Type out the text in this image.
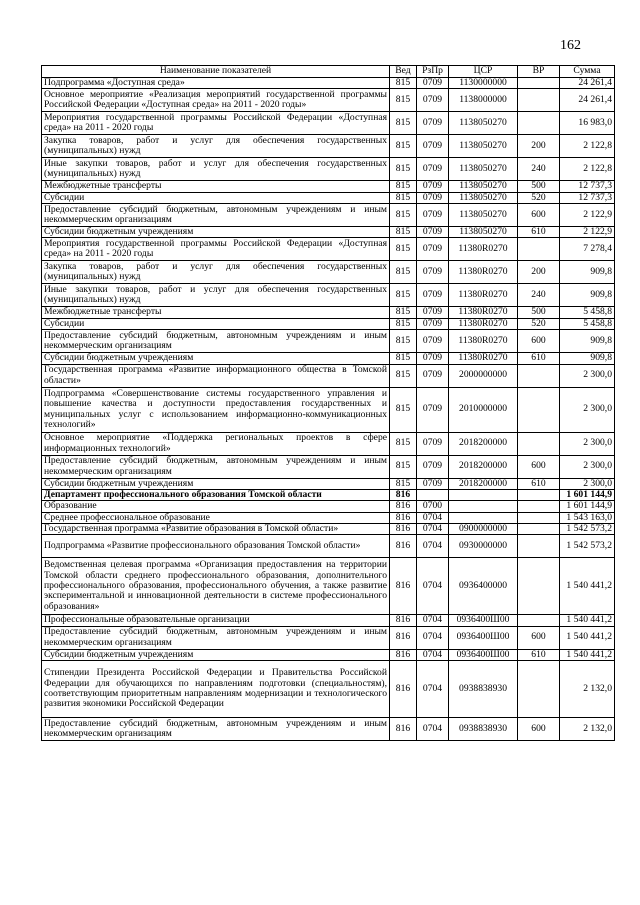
162
Наименование показателей	Вед	РзПр	ЦСР	ВР	Сумма
Подпрограмма «Доступная среда»	815	0709	1130000000		24 261,4
Основное мероприятие «Реализация мероприятий государственной программы Российской Федерации «Доступная среда» на 2011 - 2020 годы»	815	0709	1138000000		24 261,4
Мероприятия государственной программы Российской Федерации «Доступная среда» на 2011 - 2020 годы	815	0709	1138050270		16 983,0
Закупка товаров, работ и услуг для обеспечения государственных (муниципальных) нужд	815	0709	1138050270	200	2 122,8
Иные закупки товаров, работ и услуг для обеспечения государственных (муниципальных) нужд	815	0709	1138050270	240	2 122,8
Межбюджетные трансферты	815	0709	1138050270	500	12 737,3
Субсидии	815	0709	1138050270	520	12 737,3
Предоставление субсидий бюджетным, автономным учреждениям и иным некоммерческим организациям	815	0709	1138050270	600	2 122,9
Субсидии бюджетным учреждениям	815	0709	1138050270	610	2 122,9
Мероприятия государственной программы Российской Федерации «Доступная среда» на 2011 - 2020 годы	815	0709	11380R0270		7 278,4
Закупка товаров, работ и услуг для обеспечения государственных (муниципальных) нужд	815	0709	11380R0270	200	909,8
Иные закупки товаров, работ и услуг для обеспечения государственных (муниципальных) нужд	815	0709	11380R0270	240	909,8
Межбюджетные трансферты	815	0709	11380R0270	500	5 458,8
Субсидии	815	0709	11380R0270	520	5 458,8
Предоставление субсидий бюджетным, автономным учреждениям и иным некоммерческим организациям	815	0709	11380R0270	600	909,8
Субсидии бюджетным учреждениям	815	0709	11380R0270	610	909,8
Государственная программа «Развитие информационного общества в Томской области»	815	0709	2000000000		2 300,0
Подпрограмма «Совершенствование системы государственного управления и повышение качества и доступности предоставления государственных и муниципальных услуг с использованием информационно-коммуникационных технологий»	815	0709	2010000000		2 300,0
Основное мероприятие «Поддержка региональных проектов в сфере информационных технологий»	815	0709	2018200000		2 300,0
Предоставление субсидий бюджетным, автономным учреждениям и иным некоммерческим организациям	815	0709	2018200000	600	2 300,0
Субсидии бюджетным учреждениям	815	0709	2018200000	610	2 300,0
Департамент профессионального образования Томской области	816				1 601 144,9
Образование	816	0700			1 601 144,9
Среднее профессиональное образование	816	0704			1 543 163,0
Государственная программа «Развитие образования в Томской области»	816	0704	0900000000		1 542 573,2
Подпрограмма «Развитие профессионального образования Томской области»	816	0704	0930000000		1 542 573,2
Ведомственная целевая программа «Организация предоставления на территории Томской области среднего профессионального образования, дополнительного профессионального образования, профессионального обучения, а также развитие экспериментальной и инновационной деятельности в системе профессионального образования»	816	0704	0936400000		1 540 441,2
Профессиональные образовательные организации	816	0704	0936400Ш00		1 540 441,2
Предоставление субсидий бюджетным, автономным учреждениям и иным некоммерческим организациям	816	0704	0936400Ш00	600	1 540 441,2
Субсидии бюджетным учреждениям	816	0704	0936400Ш00	610	1 540 441,2
Стипендии Президента Российской Федерации и Правительства Российской Федерации для обучающихся по направлениям подготовки (специальностям), соответствующим приоритетным направлениям модернизации и технологического развития экономики Российской Федерации	816	0704	0938838930		2 132,0
Предоставление субсидий бюджетным, автономным учреждениям и иным некоммерческим организациям	816	0704	0938838930	600	2 132,0
